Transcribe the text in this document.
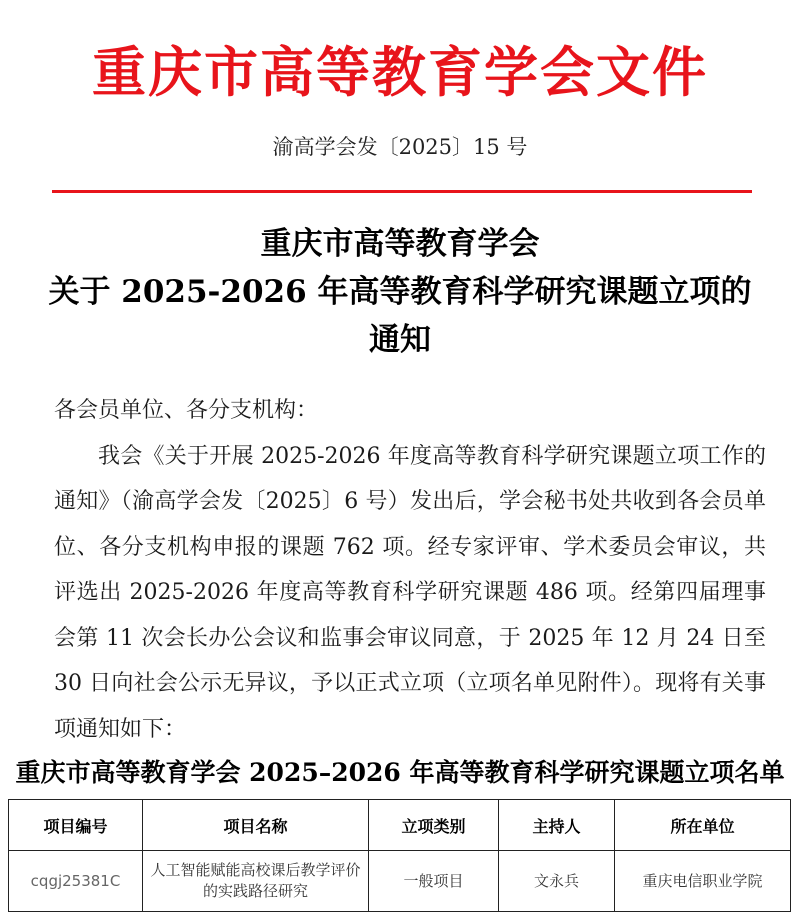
重庆市高等教育学会文件
渝高学会发〔2025〕15 号
重庆市高等教育学会
关于 2025-2026 年高等教育科学研究课题立项的
通知
各会员单位、各分支机构：
我会《关于开展 2025-2026 年度高等教育科学研究课题立项工作的通知》（渝高学会发〔2025〕6 号）发出后，学会秘书处共收到各会员单位、各分支机构申报的课题 762 项。经专家评审、学术委员会审议，共评选出 2025-2026 年度高等教育科学研究课题 486 项。经第四届理事会第 11 次会长办公会议和监事会审议同意，于 2025 年 12 月 24 日至 30 日向社会公示无异议，予以正式立项（立项名单见附件）。现将有关事项通知如下：
重庆市高等教育学会 2025–2026 年高等教育科学研究课题立项名单
项目编号	项目名称	立项类别	主持人	所在单位
cqgj25381C	人工智能赋能高校课后教学评价的实践路径研究	一般项目	文永兵	重庆电信职业学院
